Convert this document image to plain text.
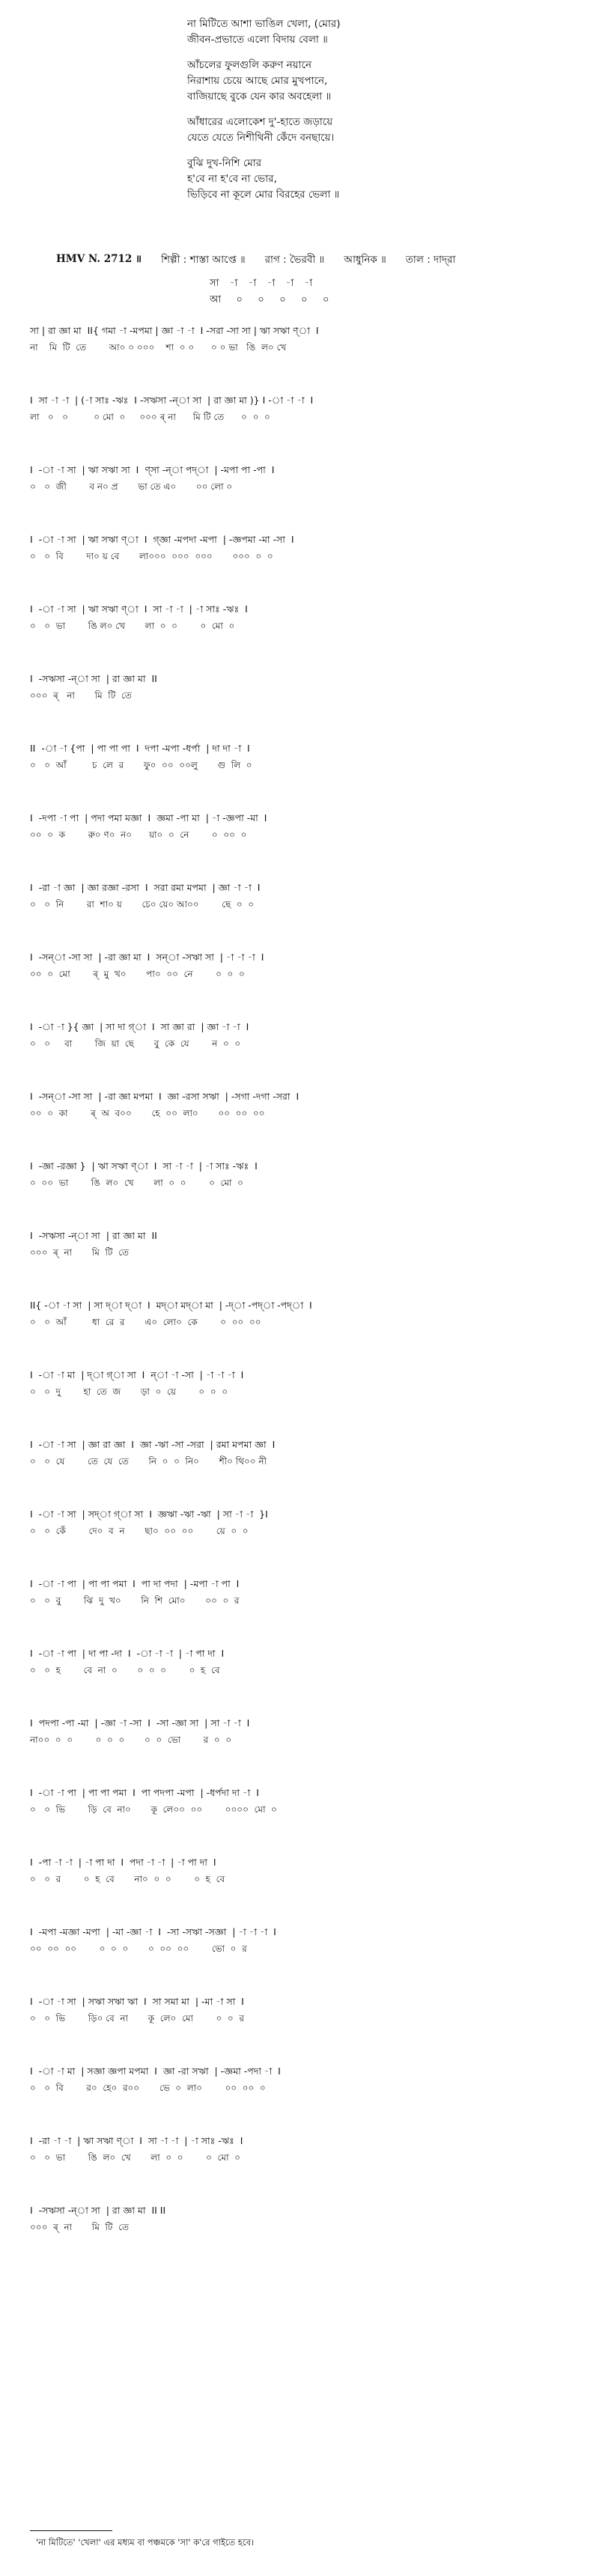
না মিটিতে আশা ভাঙিল খেলা, (মোর)
জীবন-প্রভাতে এলো বিদায় বেলা ॥
আঁচলের ফুলগুলি করুণ নয়ানে
নিরাশায় চেয়ে আছে মোর মুখপানে,
বাজিয়াছে বুকে যেন কার অবহেলা ॥
আঁধারের এলোকেশ দু'-হাতে জড়ায়ে
যেতে যেতে নিশীথিনী কেঁদে বনছায়ে।
বুঝি দুখ-নিশি মোর
হ'বে না হ'বে না ভোর,
ভিড়িবে না কূলে মোর বিরহের ভেলা ॥
HMV N. 2712 ॥ শিল্পী : শাস্তা আপ্তে ॥ রাগ : ভৈরবী ॥ আধুনিক ॥ তাল : দাদ্‌রা
সা  -া  -া  -া  -া  -া
আ   ০   ০   ০   ০   ০
সা | রা জ্ঞা মা  II{ গমা -া -মপমা | জ্ঞা -া -া  I -সরা -সা সা | ঋা সঋা ণ্‌া  I
না    মি  টি  তে        আ০ ০ ০০০    শা  ০ ০      ০ ০ ভা   ঙি  ল০ খে
I  সা -া -া  | (-া সাঃ -ঋঃ  I -সঋসা -ন্‌া সা  | রা জ্ঞা মা )} I -া -া -া  I
লা   ০   ০         ০ মো  ০     ০০০ ৰ্‌ না      মি টি তে      ০  ০  ০
I  -া -া সা  | ঋা সঋা সা  I  ণ্‌সা -ন্‌া পদ্‌া  | -মপা পা -পা  I
০   ০  জী        ব ন০ প্র       ভা তে এ০       ০০ লো ০
I  -া -া সা  | ঋা সঋা ণ্‌া  I  গ্‌জ্ঞা -মপদা -মপা  | -জ্ঞপমা -মা -সা  I
০   ০  বি        দা০ য় বে       লা০০০  ০০০  ০০০       ০০০  ০  ০
I  -া -া সা  | ঋা সঋা ণ্‌া  I  সা -া -া  | -া সাঃ -ঋঃ  I
০   ০  ভা        ঙি ল০ খে       লা  ০  ০        ০  মো  ০
I  -সঋসা -ন্‌া সা  | রা জ্ঞা মা  II
০০০  ৰ্‌   না       মি  টি  তে
II  -া -া {পা  | পা পা পা  I  দপা -মপা -ধর্পা  | দা দা -া  I
০   ০  আঁ         চ  লে  র       ফু০  ০০  ০০লু       গু  লি  ০
I  -দপা -া পা  | পদা পমা মজ্ঞা  I  জ্ঞমা -পা মা  | -া -জ্ঞপা -মা  I
০০  ০  ক        রু০ ণ০  ন০      য়া০  ০  নে        ০  ০০  ০
I  -রা -া জ্ঞা  | জ্ঞা রজ্ঞা -রসা  I  সরা রমা মপমা  | জ্ঞা -া -া  I
০   ০  নি        রা  শা০ য়       চে০ য়ে০ আ০০        ছে  ০  ০
I  -সন্‌া -সা সা  | -রা জ্ঞা মা  I  সন্‌া -সঋা সা  | -া -া -া  I
০০  ০  মো        ৰ্‌  মু  খ০       পা০  ০০  নে        ০  ০  ০
I  -া -া }{ জ্ঞা  | সা দা গ্‌া  I  সা জ্ঞা রা  | জ্ঞা -া -া  I
০   ০     বা        জি  য়া  ছে       বু  কে  যে        ন  ০  ০
I  -সন্‌া -সা সা  | -রা জ্ঞা মপমা  I  জ্ঞা -রসা সঋা  | -সগা -দগা -সরা  I
০০  ০  কা        ৰ্‌  অ  ব০০       হে  ০০  লা০       ০০  ০০  ০০
I  -জ্ঞা -রজ্ঞা }  | ঋা সঋা ণ্‌া  I  সা -া -া  | -া সাঃ -ঋঃ  I
০  ০০  ভা        ঙি  ল০  খে       লা  ০  ০        ০  মো  ০
I  -সঋসা -ন্‌া সা  | রা জ্ঞা মা  II
০০০  ৰ্‌  না       মি  টি  তে
II{ -া -া সা  | সা দ্‌া দ্‌া  I  মদ্‌া মদ্‌া মা  | -দ্‌া -পদ্‌া -পদ্‌া  I
০   ০  আঁ         ধা  রে  র       এ০  লো০  কে        ০  ০০  ০০
I  -া -া মা  | দ্‌া গ্‌া সা  I  ন্‌া -া -সা  | -া -া -া  I
০   ০  দু        হা  তে  জ       ড়া  ০  য়ে        ০  ০  ০
I  -া -া সা  | জ্ঞা রা জ্ঞা  I  জ্ঞা -ঋা -সা -সরা  | রমা মপমা জ্ঞা  I
০   ০  যে        তে  যে  তে       নি  ০  ০  নি০       শী০ থি০০ নী
I  -া -া সা  | সদ্‌া গ্‌া সা  I  জ্ঞঋা -ঋা -ঋা  | সা -া -া  }I
০   ০  কেঁ        দে০  ব  ন       ছা০  ০০  ০০        য়ে  ০  ০
I  -া -া পা  | পা পা পমা  I  পা দা পদা  | -মপা -া পা  I
০   ০  বু        ঝি  দু  খ০       নি  শি  মো০       ০০  ০  র
I  -া -া পা  | দা পা -দা  I  -া -া -া  | -া পা দা  I
০   ০  হ        বে  না  ০       ০  ০  ০        ০  হ  বে
I  পদপা -পা -মা  | -জ্ঞা -া -সা  I  -সা -জ্ঞা সা  | সা -া -া  I
না০০  ০  ০        ০  ০  ০       ০  ০  ভো        র  ০  ০
I  -া -া পা  | পা পা পমা  I  পা পদপা -মপা  | -ধর্পদা দা -া  I
০   ০  ভি        ড়ি  বে  না০       কূ  লে০০  ০০        ০০০০  মো  ০
I  -পা -া -া  | -া পা দা  I  পদা -া -া  | -া পা দা  I
০   ০  র        ০  হ  বে       না০  ০  ০        ০  হ  বে
I  -মপা -মজ্ঞা -মপা  | -মা -জ্ঞা -া  I  -সা -সঋা -সজ্ঞা  | -া -া -া  I
০০  ০০  ০০        ০  ০  ০       ০  ০০  ০০        ভো  ০  র
I  -া -া সা  | সঋা সঋা ঋা  I  সা সমা মা  | -মা -া সা  I
০   ০  ভি        ড়ি০ বে  না       কূ  লে০  মো        ০  ০  র
I  -া -া মা  | সজ্ঞা জ্ঞপা মপমা  I  জ্ঞা -রা সঋা  | -জ্ঞমা -পদা -া  I
০   ০  বি        র০  হে০  র০০       ভে  ০  লা০        ০০  ০০  ০
I  -রা -া -া  | ঋা সঋা ণ্‌া  I  সা -া -া  | -া সাঃ -ঋঃ  I
০   ০  ভা        ঙি  ল০  খে       লা  ০  ০        ০  মো  ০
I  -সঋসা -ন্‌া সা  | রা জ্ঞা মা  II II
০০০  ৰ্‌  না       মি  টি  তে
'না মিটিতে' 'খেলা' এর মধ্যম বা পঞ্চমকে 'সা' ক'রে গাইতে হবে।
